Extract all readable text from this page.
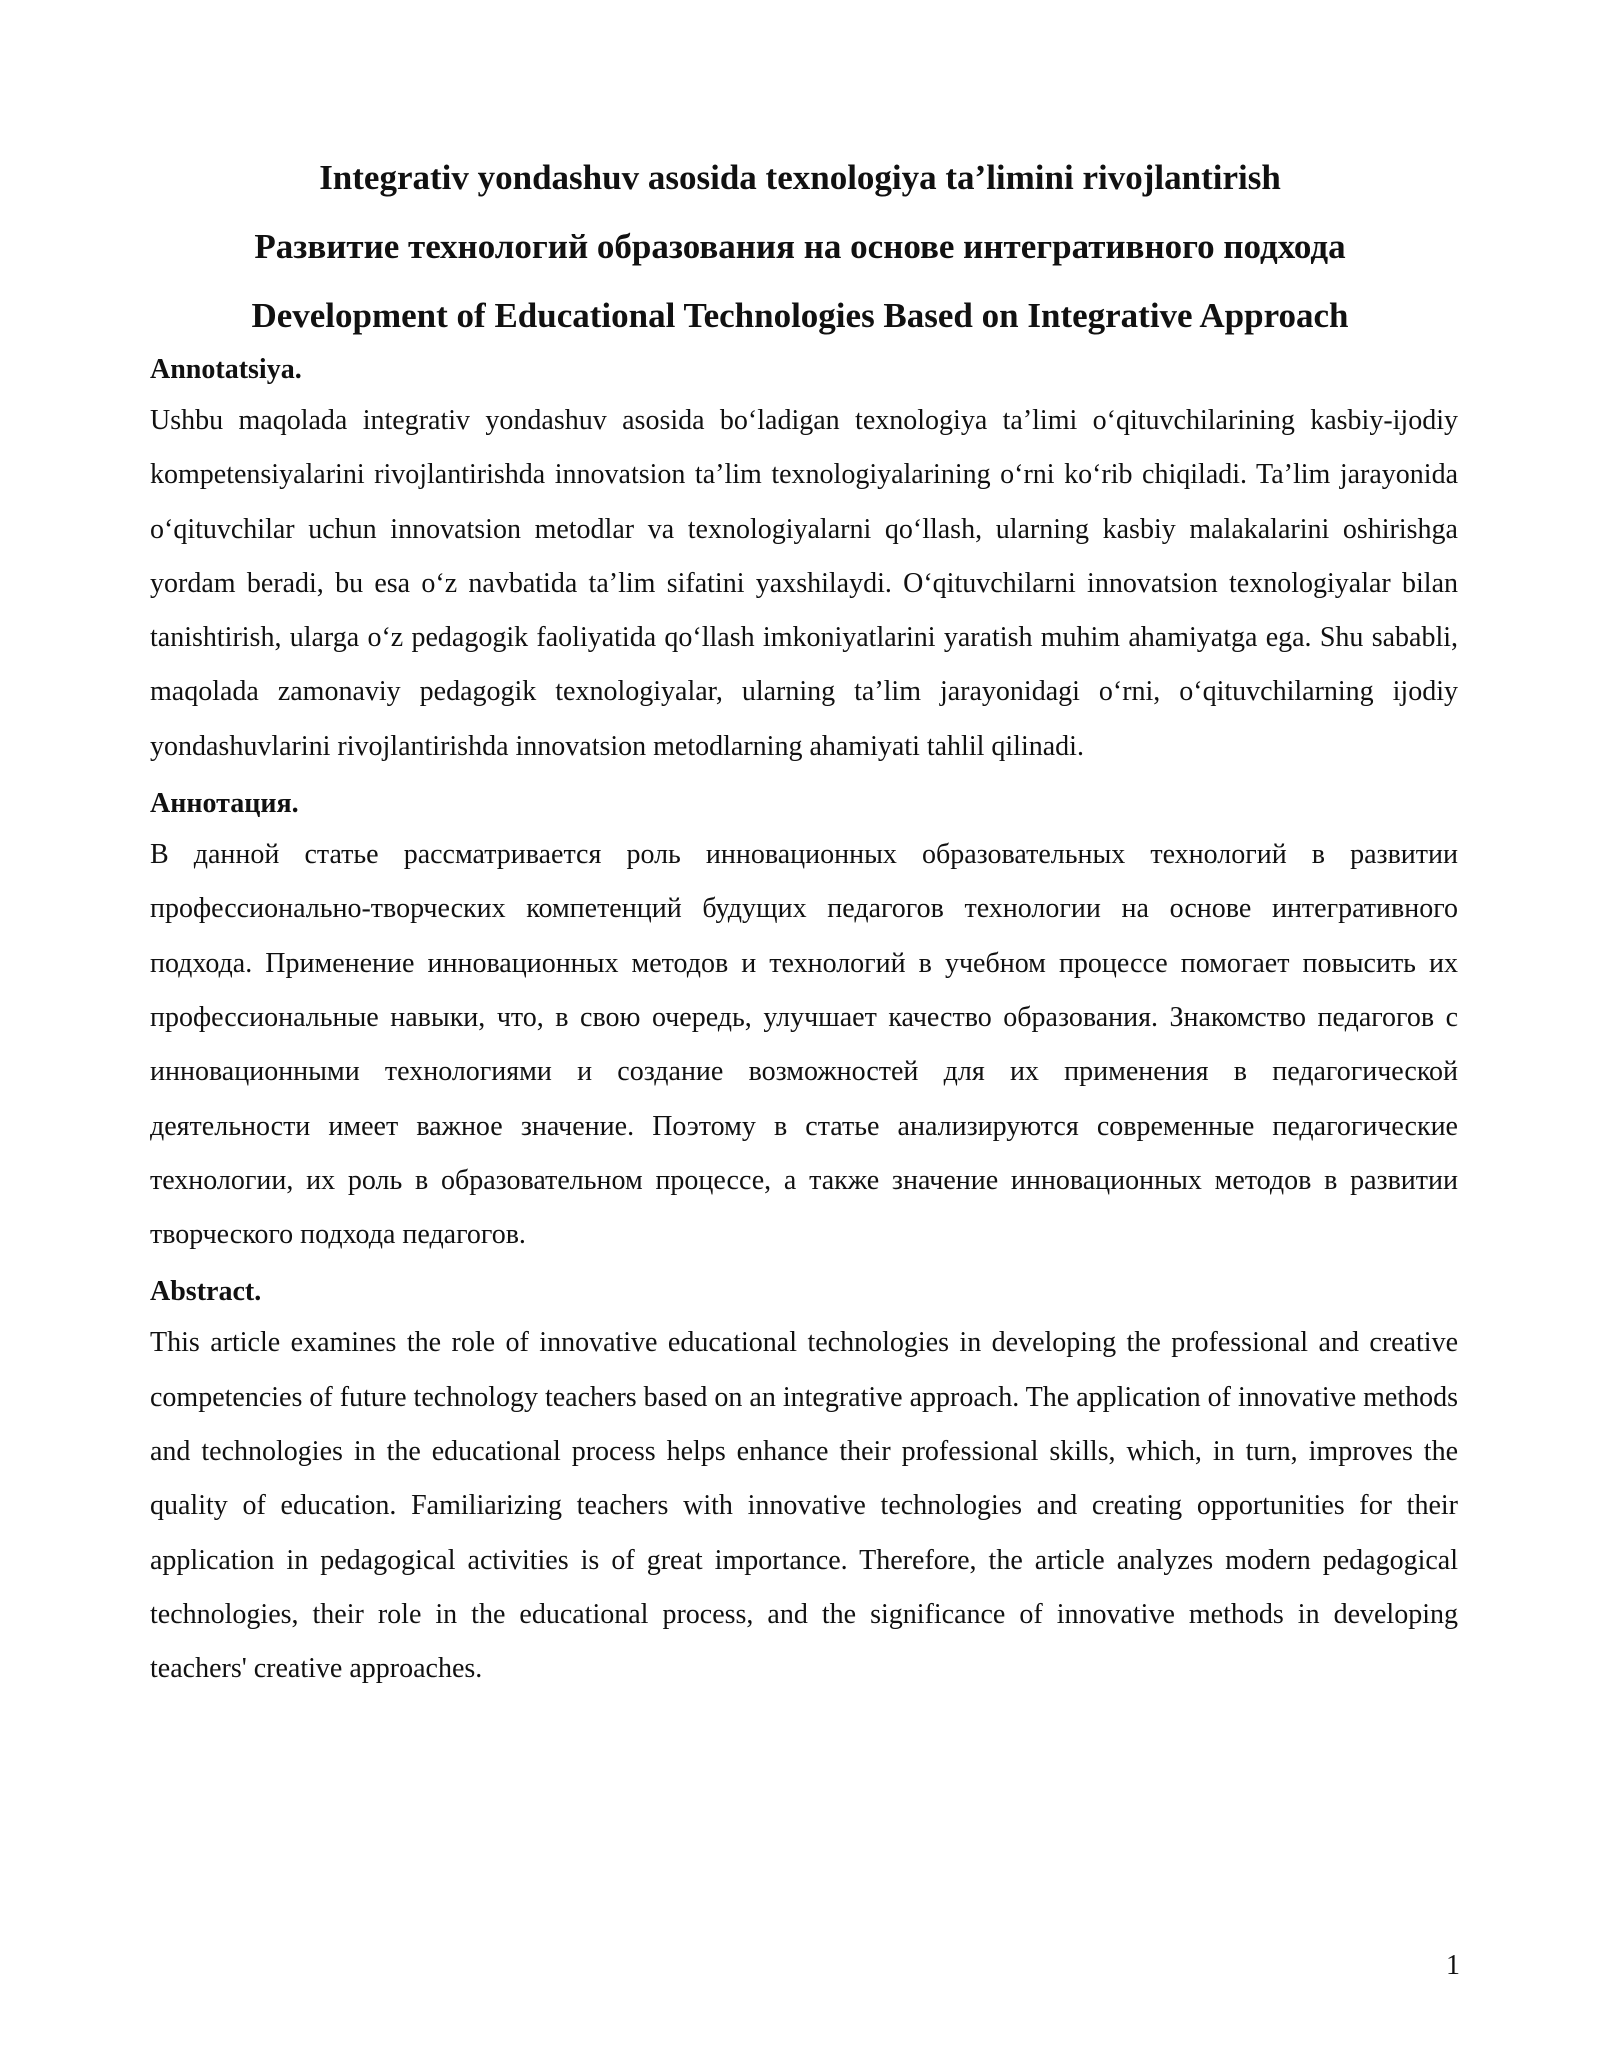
Integrativ yondashuv asosida texnologiya ta’limini rivojlantirish

Развитие технологий образования на основе интегративного подхода

Development of Educational Technologies Based on Integrative Approach

Annotatsiya.

Ushbu maqolada integrativ yondashuv asosida bo‘ladigan texnologiya ta’limi o‘qituvchilarining kasbiy-ijodiy kompetensiyalarini rivojlantirishda innovatsion ta’lim texnologiyalarining o‘rni ko‘rib chiqiladi. Ta’lim jarayonida o‘qituvchilar uchun innovatsion metodlar va texnologiyalarni qo‘llash, ularning kasbiy malakalarini oshirishga yordam beradi, bu esa o‘z navbatida ta’lim sifatini yaxshilaydi. O‘qituvchilarni innovatsion texnologiyalar bilan tanishtirish, ularga o‘z pedagogik faoliyatida qo‘llash imkoniyatlarini yaratish muhim ahamiyatga ega. Shu sababli, maqolada zamonaviy pedagogik texnologiyalar, ularning ta’lim jarayonidagi o‘rni, o‘qituvchilarning ijodiy yondashuvlarini rivojlantirishda innovatsion metodlarning ahamiyati tahlil qilinadi.

Аннотация.

В данной статье рассматривается роль инновационных образовательных технологий в развитии профессионально-творческих компетенций будущих педагогов технологии на основе интегративного подхода. Применение инновационных методов и технологий в учебном процессе помогает повысить их профессиональные навыки, что, в свою очередь, улучшает качество образования. Знакомство педагогов с инновационными технологиями и создание возможностей для их применения в педагогической деятельности имеет важное значение. Поэтому в статье анализируются современные педагогические технологии, их роль в образовательном процессе, а также значение инновационных методов в развитии творческого подхода педагогов.

Abstract.

This article examines the role of innovative educational technologies in developing the professional and creative competencies of future technology teachers based on an integrative approach. The application of innovative methods and technologies in the educational process helps enhance their professional skills, which, in turn, improves the quality of education. Familiarizing teachers with innovative technologies and creating opportunities for their application in pedagogical activities is of great importance. Therefore, the article analyzes modern pedagogical technologies, their role in the educational process, and the significance of innovative methods in developing teachers' creative approaches.

1
